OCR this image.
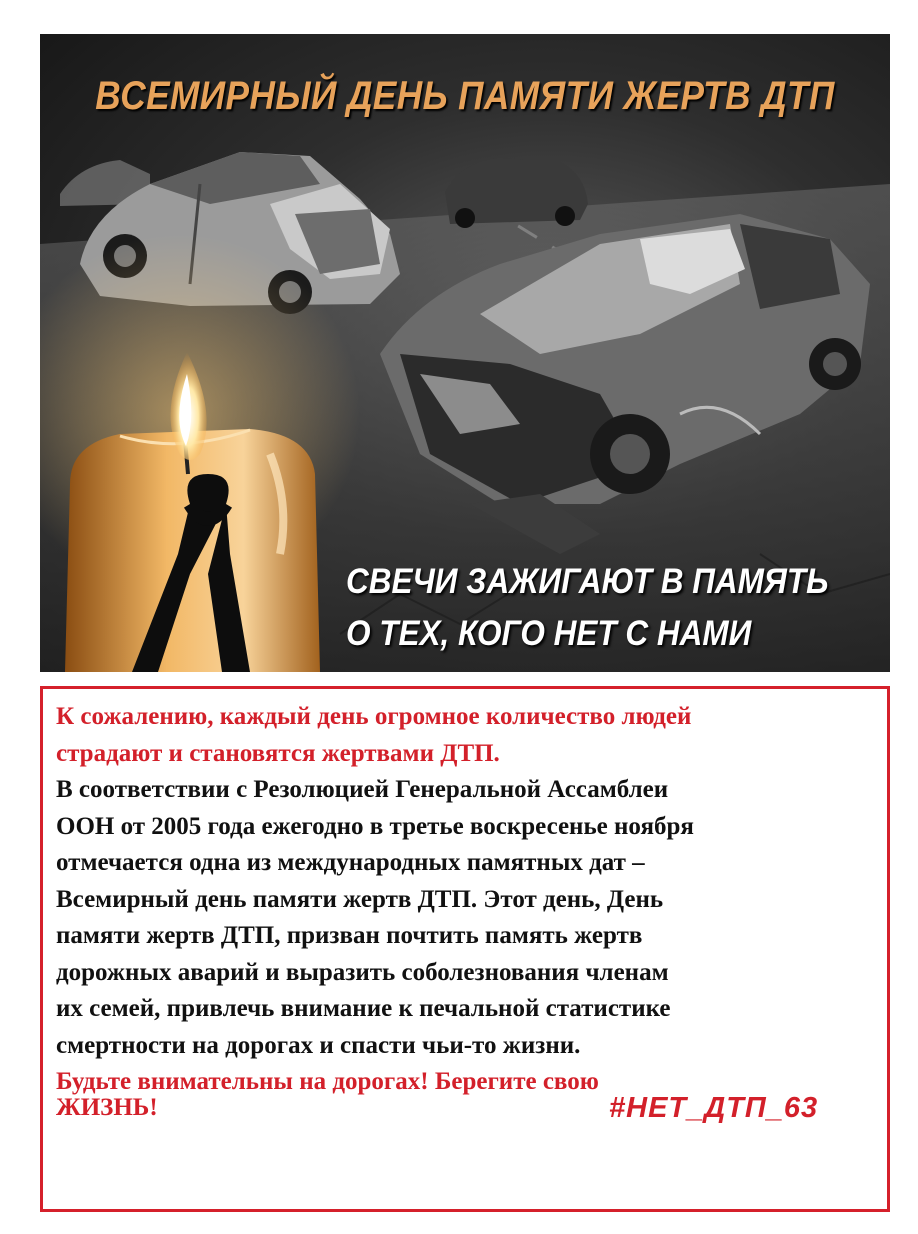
ВСЕМИРНЫЙ ДЕНЬ ПАМЯТИ ЖЕРТВ ДТП
СВЕЧИ ЗАЖИГАЮТ В ПАМЯТЬ
О ТЕХ, КОГО НЕТ С НАМИ
К сожалению, каждый день огромное количество людей
страдают и становятся жертвами ДТП.
В соответствии с Резолюцией Генеральной Ассамблеи
ООН от 2005 года ежегодно в третье воскресенье ноября
отмечается одна из международных памятных дат –
Всемирный день памяти жертв ДТП. Этот день, День
памяти жертв ДТП, призван почтить память жертв
дорожных аварий и выразить соболезнования членам
их семей, привлечь внимание к печальной статистике
смертности на дорогах и спасти чьи-то жизни.
Будьте внимательны на дорогах! Берегите свою
ЖИЗНЬ!	#НЕТ_ДТП_63
